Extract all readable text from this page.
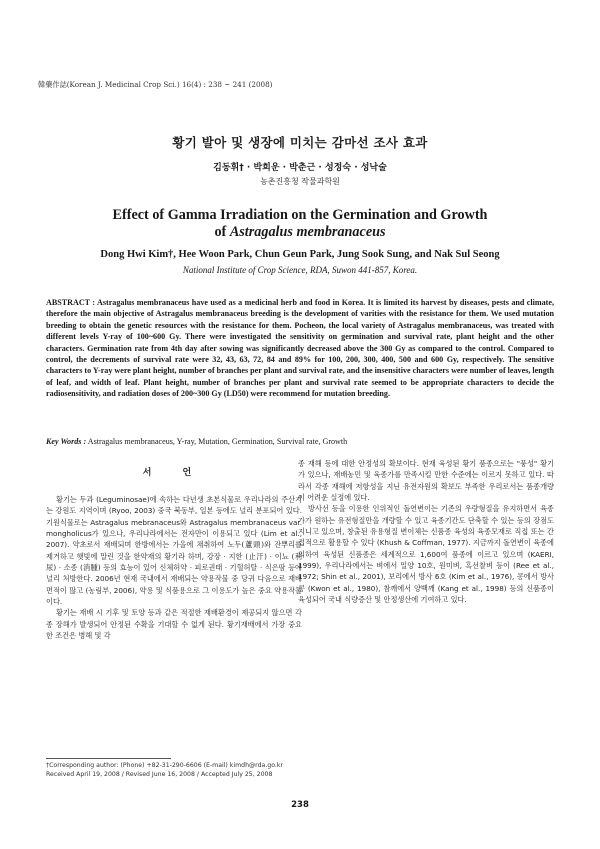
韓藥作誌(Korean J. Medicinal Crop Sci.) 16(4) : 238 ~ 241 (2008)
황기 발아 및 생장에 미치는 감마선 조사 효과
김동휘† · 박희운 · 박춘근 · 성정숙 · 성낙술
농촌진흥청 작물과학원
Effect of Gamma Irradiation on the Germination and Growth
of Astragalus membranaceus
Dong Hwi Kim†, Hee Woon Park, Chun Geun Park, Jung Sook Sung, and Nak Sul Seong
National Institute of Crop Science, RDA, Suwon 441-857, Korea.
ABSTRACT : Astragalus membranaceus have used as a medicinal herb and food in Korea. It is limited its harvest by diseases, pests and climate, therefore the main objective of Astragalus membranaceus breeding is the development of varities with the resistance for them. We used mutation breeding to obtain the genetic resources with the resistance for them. Pocheon, the local variety of Astragalus membranaceus, was treated with different levels Y-ray of 100~600 Gy. There were investigated the sensitivity on germination and survival rate, plant height and the other characters. Germination rate from 4th day after sowing was significantly decreased above the 300 Gy as compared to the control. Compared to control, the decrements of survival rate were 32, 43, 63, 72, 84 and 89% for 100, 200, 300, 400, 500 and 600 Gy, respectively. The sensitive characters to Y-ray were plant height, number of branches per plant and survival rate, and the insensitive characters were number of leaves, length of leaf, and width of leaf. Plant height, number of branches per plant and survival rate seemed to be appropriate characters to decide the radiosensitivity, and radiation doses of 200~300 Gy (LD50) were recommend for mutation breeding.
Key Words : Astragalus membranaceus, Y-ray, Mutation, Germination, Survival rate, Growth
서 언

황기는 두과 (Leguminosae)에 속하는 다년생 초본식물로 우리나라의 주산지는 강원도 지역이며 (Ryoo, 2003) 중국 북동부, 일본 등에도 널리 분포되어 있다. 기원식물로는 Astragalus mebranaceus와 Astragalus membranaceus var. mongholicus가 있으나, 우리나라에서는 전자만이 이용되고 있다 (Lim et al., 2007). 약초로서 재배되며 한방에서는 가을에 채취하여 노두(蘆頭)와 잔뿌리를 제거하고 햇빛에 말린 것을 한약재의 황기라 하며, 강장 · 지한 (止汗) · 이뇨 (利尿) · 소종 (消腫) 등의 효능이 있어 신체허약 · 피로권태 · 기혈허탈 · 식은땀 등에 널리 처방한다. 2006년 현재 국내에서 재배되는 약용작물 중 당귀 다음으로 재배면적이 많고 (농림부, 2006), 약용 및 식품용으로 그 이용도가 높은 중요 약용작물이다.

황기는 재배 시 기후 및 토양 등과 같은 적절한 재배환경이 제공되지 않으면 각종 장해가 발생되어 안정된 수확을 기대할 수 없게 된다. 황기재배에서 가장 중요한 조건은 병해 및 각

종 재해 등에 대한 안정성의 확보이다. 현재 육성된 황기 품종으로는 "풍성" 황기가 있으나, 재배농민 및 육종가를 만족시킬 만한 수준에는 이르지 못하고 있다. 따라서 각종 재해에 저항성을 지닌 유전자원의 확보도 부족한 우리로서는 품종개량이 어려운 실정에 있다.

방사선 등을 이용한 인위적인 돌연변이는 기존의 우량형질을 유지하면서 육종가가 원하는 유전형질만을 개량할 수 있고 육종기간도 단축할 수 있는 등의 장점도 지니고 있으며, 창출된 유용형질 변이체는 신품종 육성의 육종모재로 직접 또는 간접적으로 활용할 수 있다 (Khush & Coffman, 1977). 지금까지 돌연변이 육종에 의하여 육성된 신품종은 세계적으로 1,600여 품종에 이르고 있으며 (KAERI, 1999), 우리나라에서는 벼에서 밀양 10호, 원미벼, 흑선찰벼 등이 (Ree et al., 1972; Shin et al., 2001), 보리에서 방사 6호 (Kim et al., 1976), 콩에서 방사콩 (Kwon et al., 1980), 참깨에서 양백깨 (Kang et al., 1998) 등의 신품종이 육성되어 국내 식량증산 및 안정생산에 기여하고 있다.

†Corresponding author: (Phone) +82-31-290-6606 (E-mail) kimdh@rda.go.kr
Received April 19, 2008 / Revised June 16, 2008 / Accepted July 25, 2008
238
